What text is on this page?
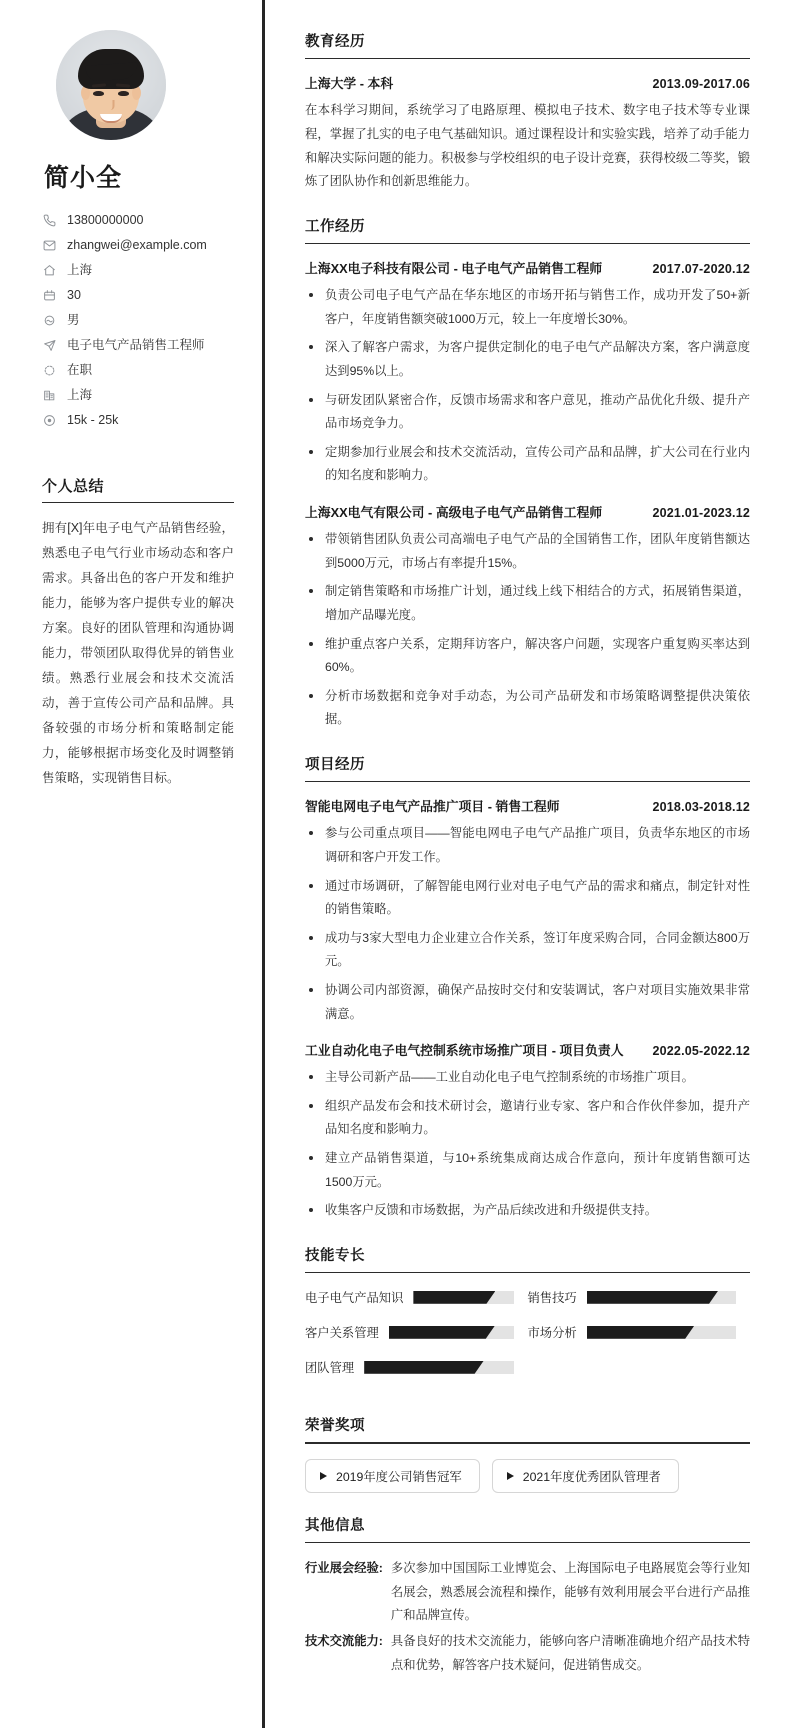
简小全
13800000000
zhangwei@example.com
上海
30
男
电子电气产品销售工程师
在职
上海
15k - 25k
个人总结

拥有[X]年电子电气产品销售经验，熟悉电子电气行业市场动态和客户需求。具备出色的客户开发和维护能力，能够为客户提供专业的解决方案。良好的团队管理和沟通协调能力，带领团队取得优异的销售业绩。熟悉行业展会和技术交流活动，善于宣传公司产品和品牌。具备较强的市场分析和策略制定能力，能够根据市场变化及时调整销售策略，实现销售目标。

教育经历
上海大学 - 本科	2013.09-2017.06

在本科学习期间，系统学习了电路原理、模拟电子技术、数字电子技术等专业课程，掌握了扎实的电子电气基础知识。通过课程设计和实验实践，培养了动手能力和解决实际问题的能力。积极参与学校组织的电子设计竞赛，获得校级二等奖，锻炼了团队协作和创新思维能力。

工作经历
上海XX电子科技有限公司 - 电子电气产品销售工程师	2017.07-2020.12
负责公司电子电气产品在华东地区的市场开拓与销售工作，成功开发了50+新客户，年度销售额突破1000万元，较上一年度增长30%。
深入了解客户需求，为客户提供定制化的电子电气产品解决方案，客户满意度达到95%以上。
与研发团队紧密合作，反馈市场需求和客户意见，推动产品优化升级、提升产品市场竞争力。
定期参加行业展会和技术交流活动，宣传公司产品和品牌，扩大公司在行业内的知名度和影响力。
上海XX电气有限公司 - 高级电子电气产品销售工程师	2021.01-2023.12
带领销售团队负责公司高端电子电气产品的全国销售工作，团队年度销售额达到5000万元，市场占有率提升15%。
制定销售策略和市场推广计划，通过线上线下相结合的方式，拓展销售渠道，增加产品曝光度。
维护重点客户关系，定期拜访客户，解决客户问题，实现客户重复购买率达到60%。
分析市场数据和竞争对手动态，为公司产品研发和市场策略调整提供决策依据。
项目经历
智能电网电子电气产品推广项目 - 销售工程师	2018.03-2018.12
参与公司重点项目——智能电网电子电气产品推广项目，负责华东地区的市场调研和客户开发工作。
通过市场调研，了解智能电网行业对电子电气产品的需求和痛点，制定针对性的销售策略。
成功与3家大型电力企业建立合作关系，签订年度采购合同，合同金额达800万元。
协调公司内部资源，确保产品按时交付和安装调试，客户对项目实施效果非常满意。
工业自动化电子电气控制系统市场推广项目 - 项目负责人 2022.05-2022.12
主导公司新产品——工业自动化电子电气控制系统的市场推广项目。
组织产品发布会和技术研讨会，邀请行业专家、客户和合作伙伴参加，提升产品知名度和影响力。
建立产品销售渠道，与10+系统集成商达成合作意向，预计年度销售额可达1500万元。
收集客户反馈和市场数据，为产品后续改进和升级提供支持。
技能专长
电子电气产品知识	销售技巧
客户关系管理	市场分析
团队管理
荣誉奖项
2019年度公司销售冠军	2021年度优秀团队管理者
其他信息
行业展会经验: 多次参加中国国际工业博览会、上海国际电子电路展览会等行业知名展会，熟悉展会流程和操作，能够有效利用展会平台进行产品推广和品牌宣传。
技术交流能力: 具备良好的技术交流能力，能够向客户清晰准确地介绍产品技术特点和优势，解答客户技术疑问，促进销售成交。
